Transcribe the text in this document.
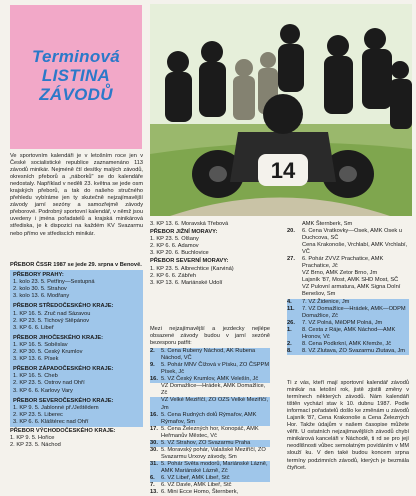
Terminová
LISTINA
ZÁVODŮ

Ve sportovním kalendáři je v letošním roce jen v České socialistické republice zaznamenáno 113 závodů minikár. Nejméně čtí desítky malých závodů, okresních přeborů a „náborků" se do kalendáře nedostaly. Například v neděli 23. května se jede osm krajských přeborů, a tak do našeho stručného přehledu vybíráme jen ty skutečně nejzajímavější závody jarní sezóny a samozřejmě závody přeborové. Podrobný sportovní kalendář, v němž jsou uvedeny i jména pořadatelů a krajská minikárová střediska, je k dispozici na každém KV Svazarmu nebo přímo ve střediscích minikár.

PŘEBOR ČSSR 1987 se jede 29. srpna v Benově.
PŘEBORY PRAHY:
1. kolo 23. 5. Petřiny—Sestupná
2. kolo 30. 5. Strahov
3. kolo 13. 6. Modřany
PŘEBOR STŘEDOČESKÉHO KRAJE:
1. KP 16. 5. Zruč nad Sázavou
2. KP 23. 5. Tichový Štěpánov
3. KP 6. 6. Libeř
PŘEBOR JIHOČESKÉHO KRAJE:
1. KP 16. 5. Soběslav
2. KP 30. 5. Český Krumlov
3. KP 13. 6. Písek
PŘEBOR ZÁPADOČESKÉHO KRAJE:
1. KP 16. 5. Cheb
2. KP 23. 5. Ostrov nad Ohří
3. KP 6. 6. Karlovy Vary
PŘEBOR SEVEROČESKÉHO KRAJE:
1. KP 9. 5. Jablonné př./Ještědem
2. KP 23. 5. Liberec
3. KP 6. 6. Kláštérec nad Ohří
PŘEBOR VÝCHODOČESKÉHO KRAJE:
1. KP 9. 5. Hořice
2. KP 23. 5. Náchod
3. KP 13. 6. Moravská Třebová
PŘEBOR JIŽNÍ MORAVY:
1. KP 23. 5. Olšany
2. KP 6. 6. Adamov
3. KP 20. 6. Buchlovice
PŘEBOR SEVERNÍ MORAVY:
1. KP 23. 5. Albrechtice (Karviná)
2. KP 6. 6. Zábřeh
3. KP 13. 6. Mariánské Údolí

Mezi nejzajímavější a jezdecky nejlépe obsazené závody budou v jarní sezóně bezesporu patřit:

2.	5. Cena Rubeny Náchod, AK Rubena Náchod, VČ
9.	5. Pohár MNV Čížová v Písku, ZO ČSPPM Písek, Jč
16. 5. VZ Český Krumlov, AMK Velešín, Jč
VZ Domažlice—Hrádek, AMK Domažlice, Zč
VZ Velké Meziříčí, ZO OZS Velké Meziříčí, Jm
16. 5. Cena Rudných dolů Rýmařov, AMK Rýmařov, Sm
17. 5. Cena Železných hor, Konopáč, AMK Heřmanův Městec, Vč
30. 5. VZ Strahov, ZO Svazarmu Praha
30. 5. Moravský pohár, Valašské Meziříčí, ZO Svazarmu Urxovy závody, Sm
31. 5. Pohár Světa modorů, Mariánské Lázně, AMK Mariánské Lázně, Zč
6.	6. VZ Libeř, AMK Libeř, Stč
7.	6. VZ Davle, AMK Libeř, Stč
13. 6. Mini Ecce Homo, Šternberk,
AMK Šternberk, Sm
20.	6. Cena Vratkovky—Osek, AMK Osek u Duchcova, SČ
Cena Krakonoše, Vrchlabí, AMK Vrchlabí, VČ
27.	6. Pohár ZVVZ Prachatice, AMK Prachatice, Jč
VZ Brno, AMK Zetor Brno, Jm
Lajsník '87, Most, AMK SHD Most, SČ
VZ Pulovní armatura, AMK Signa Dolní Benešov, Sm
4.	7. VZ Židenice, Jm
11.	7. VZ Domažlice—Hrádek, AMK—ODPM Domažlice, Zč
26.	7. VZ Polná, MěDPM Polná, Jm
1.	8. Cesta z Ráje, AMK Náchod—AMK Hronov, Vč
2.	8. Cena Podkrkní, AMK Křemže, Jč
8.	8. VZ Zlutava, ZO Svazarmu Zlutava, Jm

Ti z vás, kteří mají sportovní kalendář závodů minikár na letošní rok, jistě zjistili změny v termínech některých závodů. Nám kalendáři tištěn vychází stav k 10. dubnu 1987. Podle informací pořadatelů došlo ke změnám u závodů Lajsník '87, Cena Krakonoše a Cena Železných Hor. Takže údajům v našem časopise můžete věřit. U ostatních nejzajímavějších závodů chybí minikárová kanceláři v Náchodě, ti rd se pro její neodlišnosti vůbec semolatným povídáním v MM slouží ku. V den také budou koncem srpna termíny podzimních závodů, kterých je bezmála čtyřicet.

14
